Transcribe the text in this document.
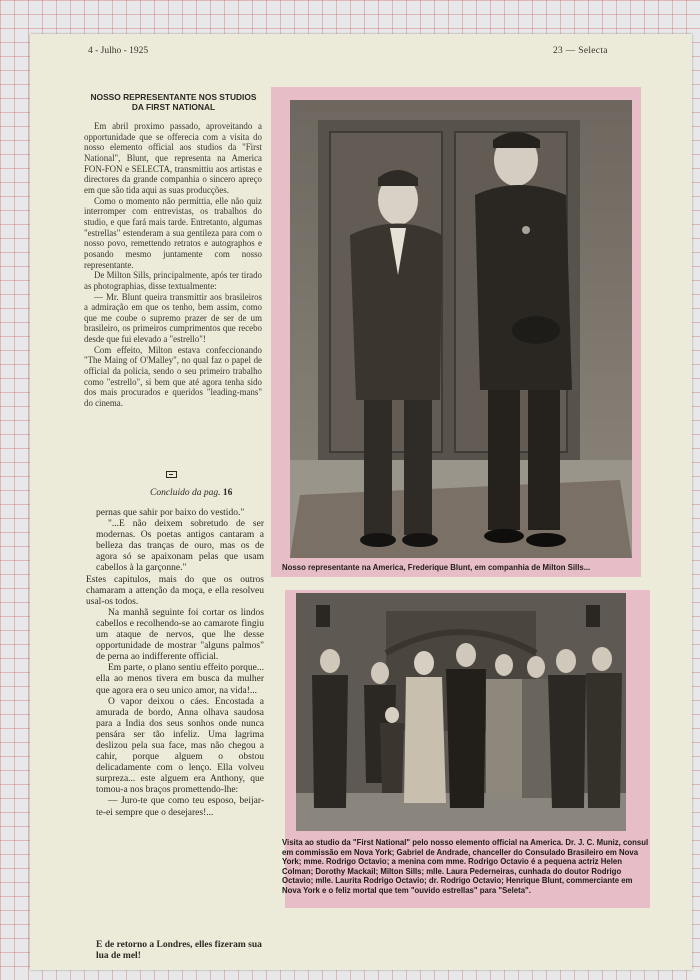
4 - Julho - 1925	23 — Selecta
NOSSO REPRESENTANTE NOS STUDIOS DA FIRST NATIONAL

Em abril proximo passado, aproveitando a opportunidade que se offerecia com a visita do nosso elemento official aos studios da "First National", Blunt, que representa na America FON-FON e SELECTA, transmittiu aos artistas e directores da grande companhia o sincero apreço em que são tida aqui as suas producções.

Como o momento não permittia, elle não quiz interromper com entrevistas, os trabalhos do studio, e que fará mais tarde. Entretanto, algumas "estrellas" estenderam a sua gentileza para com o nosso povo, remettendo retratos e autographos e posando mesmo juntamente com nosso representante.

De Milton Sills, principalmente, após ter tirado as photographias, disse textualmente:

— Mr. Blunt queira transmittir aos brasileiros a admiração em que os tenho, bem assim, como que me coube o supremo prazer de ser de um brasileiro, os primeiros cumprimentos que recebo desde que fui elevado a "estrello"!

Com effeito, Milton estava confeccionando "The Maing of O'Malley", no qual faz o papel de official da policia, sendo o seu primeiro trabalho como "estrello", si bem que até agora tenha sido dos mais procurados e queridos "leading-mans" do cinema.

Concluido da pag. 16

pernas que sahir por baixo do vestido."

"...E não deixem sobretudo de ser modernas. Os poetas antigos cantaram a belleza das tranças de ouro, mas os de agora só se apaixonam pelas que usam cabellos à la garçonne."

Estes capitulos, mais do que os outros chamaram a attenção da moça, e ella resolveu usal-os todos.

Na manhã seguinte foi cortar os lindos cabellos e recolhendo-se ao camarote fingiu um ataque de nervos, que lhe desse opportunidade de mostrar "alguns palmos" de perna ao indifferente official.

Em parte, o plano sentiu effeito porque... ella ao menos tivera em busca da mulher que agora era o seu unico amor, na vida!...

O vapor deixou o cáes. Encostada a amurada de bordo, Anna olhava saudosa para a India dos seus sonhos onde nunca pensára ser tão infeliz. Uma lagrima deslizou pela sua face, mas não chegou a cahir, porque alguem o obstou delicadamente com o lenço. Ella volveu surpreza... este alguem era Anthony, que tomou-a nos braços promettendo-lhe:

— Juro-te que como teu esposo, beijar-te-ei sempre que o desejares!...

E de retorno a Londres, elles fizeram sua lua de mel!
Nosso representante na America, Frederique Blunt, em companhia de Milton Sills...
Visita ao studio da "First National" pelo nosso elemento official na America. Dr. J. C. Muniz, consul em commissão em Nova York; Gabriel de Andrade, chanceller do Consulado Brasileiro em Nova York; mme. Rodrigo Octavio; a menina com mme. Rodrigo Octavio é a pequena actriz Helen Colman; Dorothy Mackail; Milton Sills; mlle. Laura Pederneiras, cunhada do doutor Rodrigo Octavio; mlle. Laurita Rodrigo Octavio; dr. Rodrigo Octavio; Henrique Blunt, commerciante em Nova York e o feliz mortal que tem "ouvido estrellas" para "Seleta".
